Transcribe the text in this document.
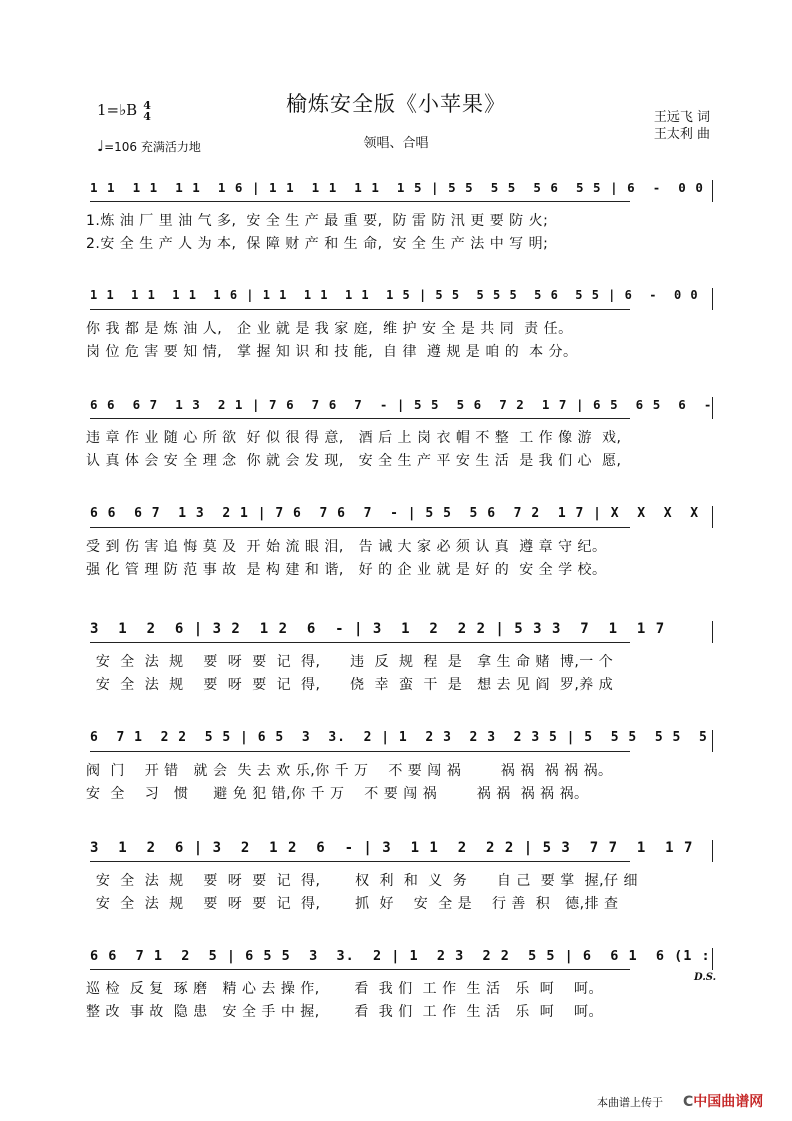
榆炼安全版《小苹果》
领唱、合唱
1=♭B 4
4
♩=106 充满活力地
王远飞 词
王太利 曲
1 1  1 1  1 1  1 6 | 1 1  1 1  1 1  1 5 | 5 5  5 5  5 6  5 5 | 6  -  0 0
1.炼 油 厂 里 油 气 多,  安 全 生 产 最 重 要,  防 雷 防 汛 更 要 防 火;
2.安 全 生 产 人 为 本,  保 障 财 产 和 生 命,  安 全 生 产 法 中 写 明;
1 1  1 1  1 1  1 6 | 1 1  1 1  1 1  1 5 | 5 5  5 5 5  5 6  5 5 | 6  -  0 0
你 我 都 是 炼 油 人,   企 业 就 是 我 家 庭,  维 护 安 全 是 共 同  责 任。
岗 位 危 害 要 知 情,   掌 握 知 识 和 技 能,  自 律  遵 规 是 咱 的  本 分。
6 6  6 7  1 3  2 1 | 7 6  7 6  7  - | 5 5  5 6  7 2  1 7 | 6 5  6 5  6  -
违 章 作 业 随 心 所 欲  好 似 很 得 意,   酒 后 上 岗 衣 帽 不 整  工 作 像 游  戏,
认 真 体 会 安 全 理 念  你 就 会 发 现,   安 全 生 产 平 安 生 活  是 我 们 心  愿,
6 6  6 7  1 3  2 1 | 7 6  7 6  7  - | 5 5  5 6  7 2  1 7 | X  X  X  X
受 到 伤 害 追 悔 莫 及  开 始 流 眼 泪,   告 诫 大 家 必 须 认 真  遵 章 守 纪。
强 化 管 理 防 范 事 故  是 构 建 和 谐,   好 的 企 业 就 是 好 的  安 全 学 校。
3  1  2  6 | 3 2  1 2  6  - | 3  1  2  2 2 | 5 3 3  7  1  1 7
安  全  法  规    要  呀  要  记  得,      违  反  规  程  是   拿 生 命 赌  博,一 个
安  全  法  规    要  呀  要  记  得,      侥  幸  蛮  干  是   想 去 见 阎  罗,养 成
6  7 1  2 2  5 5 | 6 5  3  3.  2 | 1  2 3  2 3  2 3 5 | 5  5 5  5 5  5
阀  门    开 错   就 会  失 去 欢 乐,你 千 万    不 要 闯 祸        祸 祸  祸 祸 祸。
安  全    习   惯     避 免 犯 错,你 千 万    不 要 闯 祸        祸 祸  祸 祸 祸。
3  1  2  6 | 3  2  1 2  6  - | 3  1 1  2  2 2 | 5 3  7 7  1  1 7
安  全  法  规    要  呀  要  记  得,       权  利  和  义  务      自 己  要 掌  握,仔 细
安  全  法  规    要  呀  要  记  得,       抓  好    安  全 是    行 善  积   德,排 查
6 6  7 1  2  5 | 6 5 5  3  3.  2 | 1  2 3  2 2  5 5 | 6  6 1  6 (1 :
巡 检  反 复  琢 磨   精 心 去 操 作,       看  我 们  工 作  生 活   乐  呵    呵。
整 改  事 故  隐 患   安 全 手 中 握,       看  我 们  工 作  生 活   乐  呵    呵。
D.S.
本曲谱上传于 C中国曲谱网
